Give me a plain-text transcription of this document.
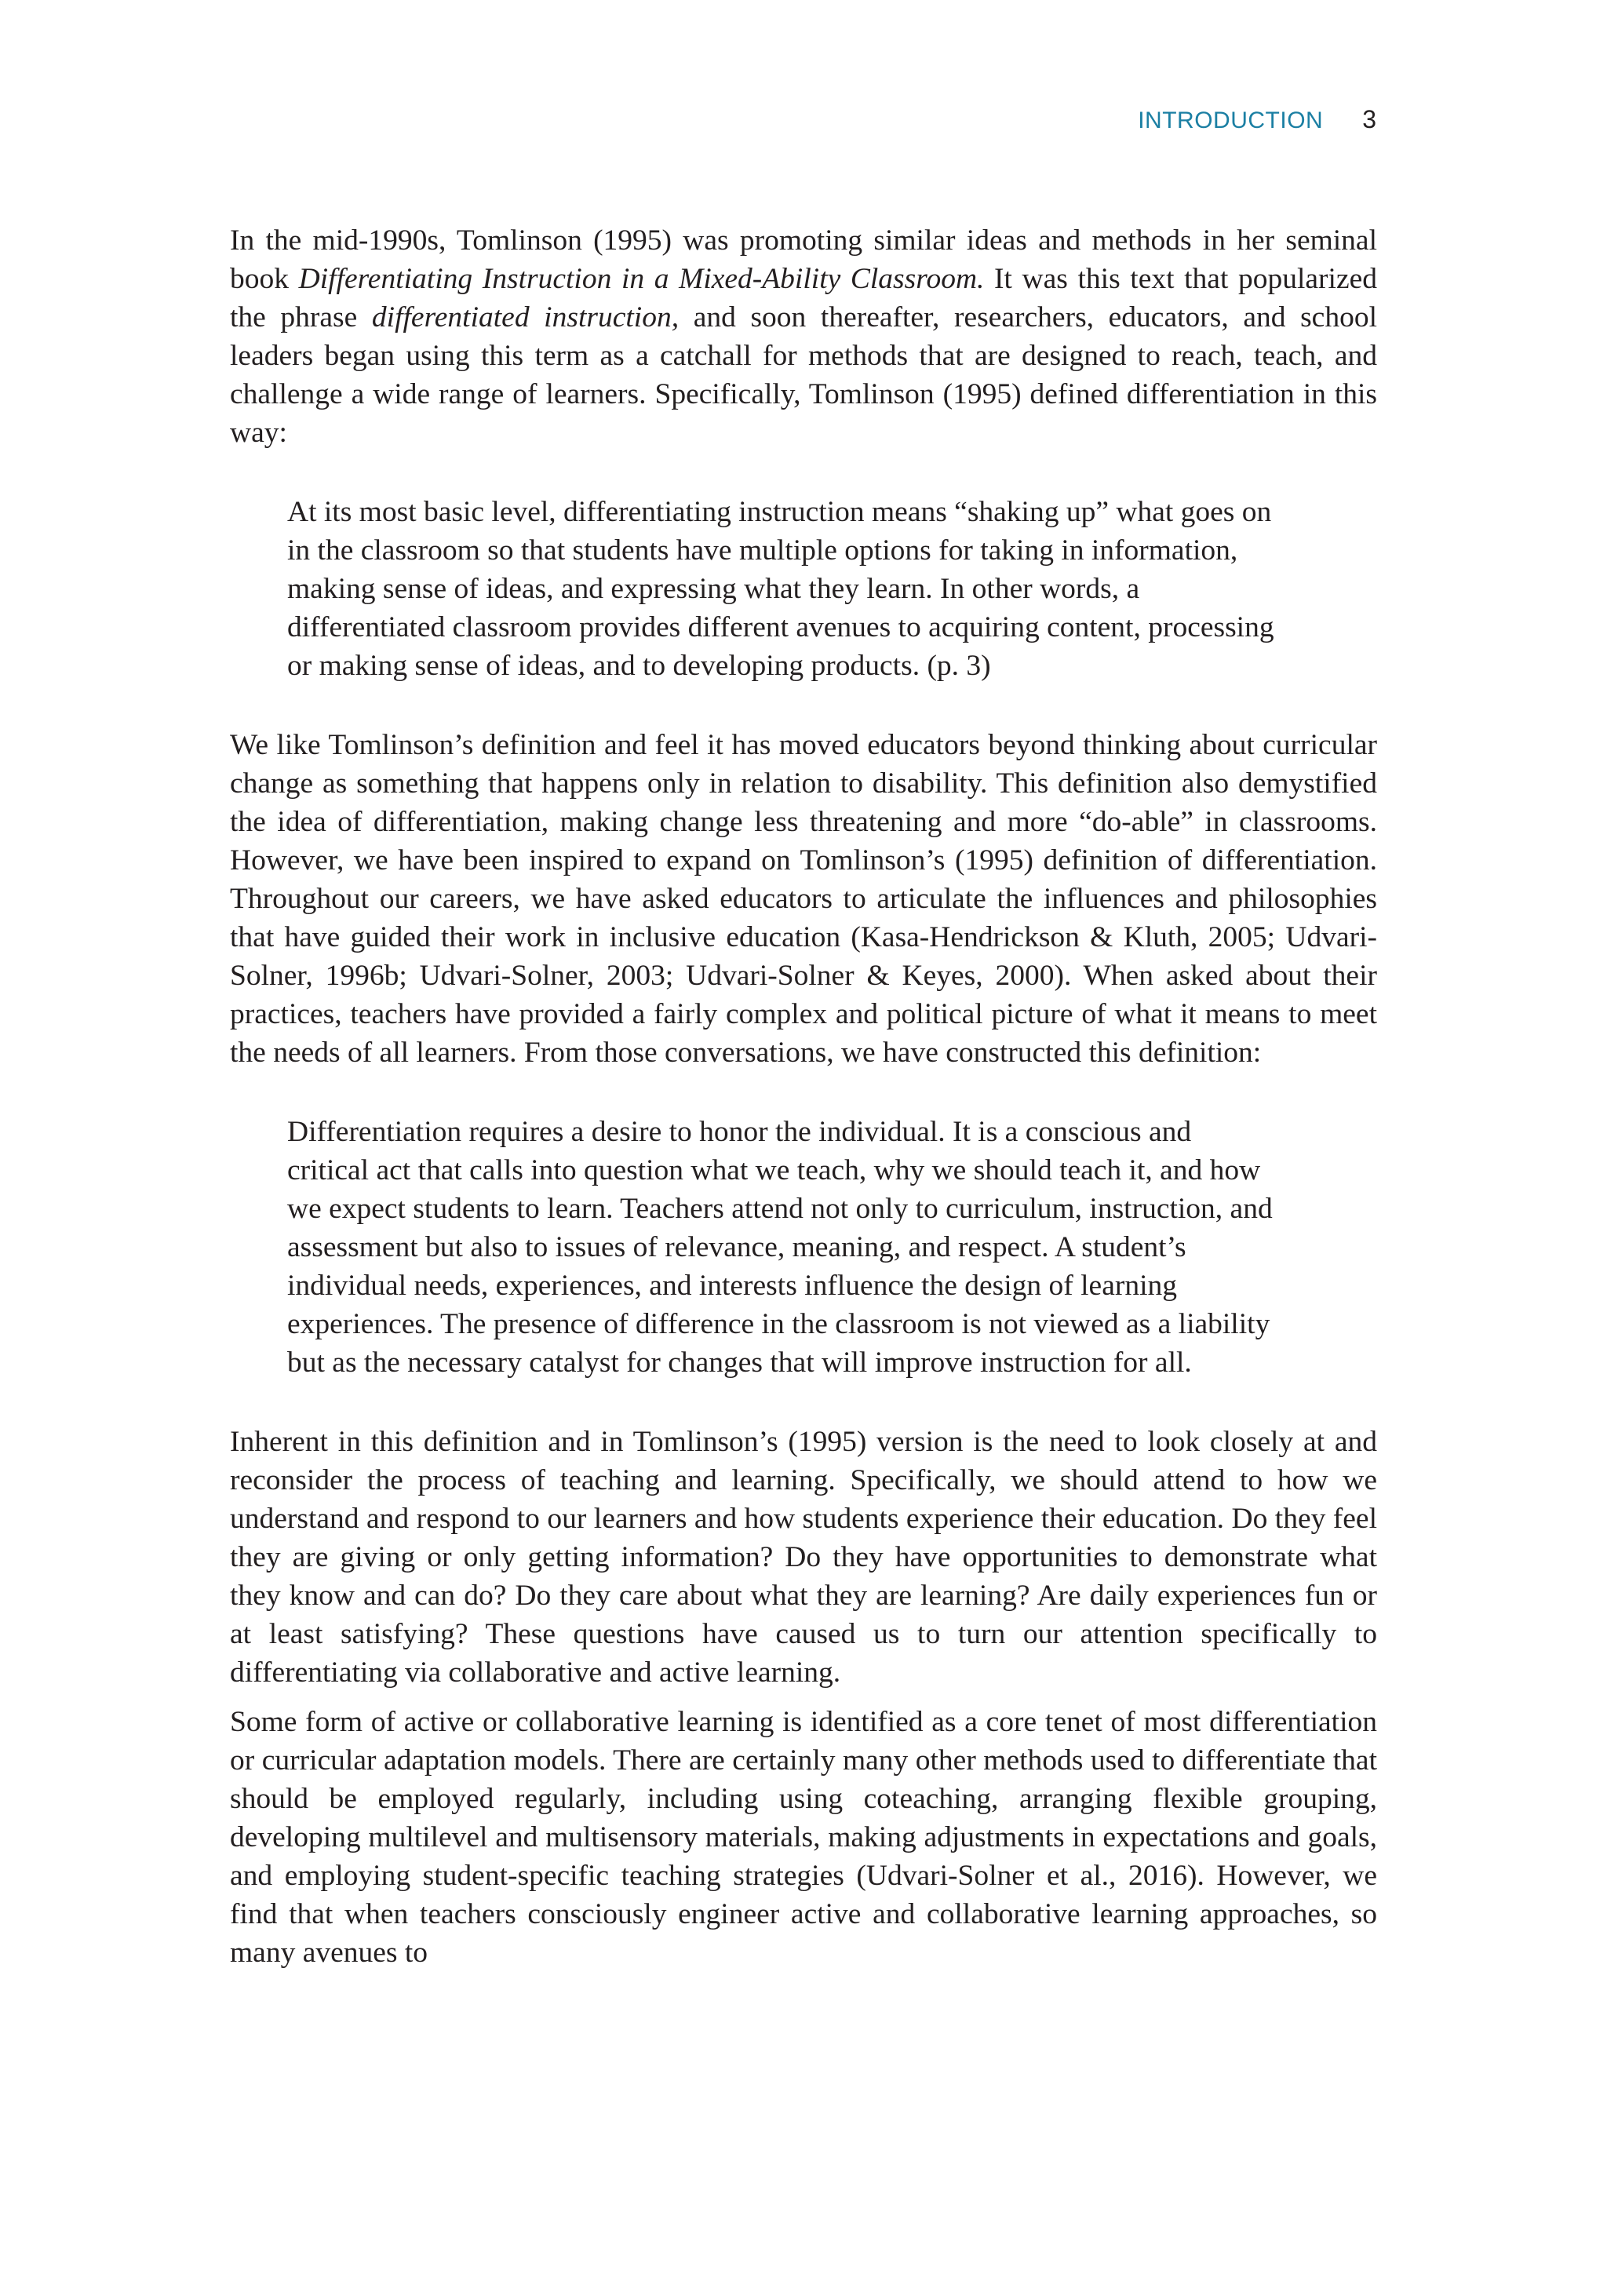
INTRODUCTION 3

In the mid-1990s, Tomlinson (1995) was promoting similar ideas and methods in her seminal book Differentiating Instruction in a Mixed-Ability Classroom. It was this text that popularized the phrase differentiated instruction, and soon thereafter, researchers, educators, and school leaders began using this term as a catchall for methods that are designed to reach, teach, and challenge a wide range of learners. Specifically, Tomlinson (1995) defined differentiation in this way:

At its most basic level, differentiating instruction means “shaking up” what goes on in the classroom so that students have multiple options for taking in information, making sense of ideas, and expressing what they learn. In other words, a differentiated classroom provides different avenues to acquiring content, processing or making sense of ideas, and to developing products. (p. 3)

We like Tomlinson’s definition and feel it has moved educators beyond thinking about curricular change as something that happens only in relation to disability. This definition also demystified the idea of differentiation, making change less threatening and more “do-able” in classrooms. However, we have been inspired to expand on Tomlinson’s (1995) definition of differentiation. Throughout our careers, we have asked educators to articulate the influences and philosophies that have guided their work in inclusive education (Kasa-Hendrickson & Kluth, 2005; Udvari-Solner, 1996b; Udvari-Solner, 2003; Udvari-Solner & Keyes, 2000). When asked about their practices, teachers have provided a fairly complex and political picture of what it means to meet the needs of all learners. From those conversations, we have constructed this definition:

Differentiation requires a desire to honor the individual. It is a conscious and critical act that calls into question what we teach, why we should teach it, and how we expect students to learn. Teachers attend not only to curriculum, instruction, and assessment but also to issues of relevance, meaning, and respect. A student’s individual needs, experiences, and interests influence the design of learning experiences. The presence of difference in the classroom is not viewed as a liability but as the necessary catalyst for changes that will improve instruction for all.

Inherent in this definition and in Tomlinson’s (1995) version is the need to look closely at and reconsider the process of teaching and learning. Specifically, we should attend to how we understand and respond to our learners and how students experience their education. Do they feel they are giving or only getting information? Do they have opportunities to demonstrate what they know and can do? Do they care about what they are learning? Are daily experiences fun or at least satisfying? These questions have caused us to turn our attention specifically to differentiating via collaborative and active learning.

Some form of active or collaborative learning is identified as a core tenet of most differentiation or curricular adaptation models. There are certainly many other methods used to differentiate that should be employed regularly, including using coteaching, arranging flexible grouping, developing multilevel and multisensory materials, making adjustments in expectations and goals, and employing student-specific teaching strategies (Udvari-Solner et al., 2016). However, we find that when teachers consciously engineer active and collaborative learning approaches, so many avenues to
